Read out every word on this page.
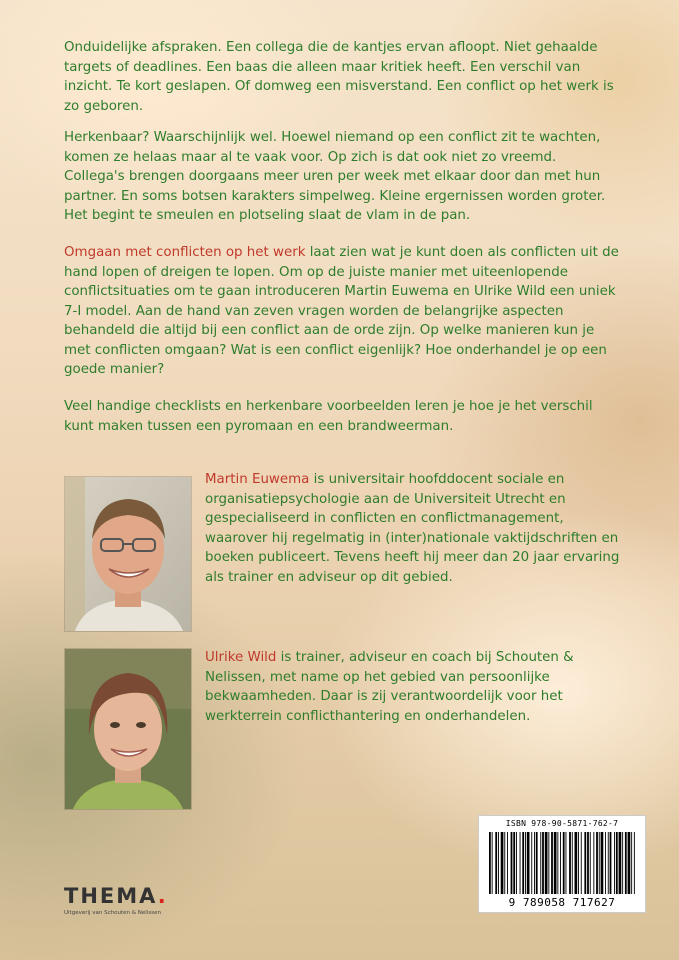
Onduidelijke afspraken. Een collega die de kantjes ervan afloopt. Niet gehaalde targets of deadlines. Een baas die alleen maar kritiek heeft. Een verschil van inzicht. Te kort geslapen. Of domweg een misverstand. Een conflict op het werk is zo geboren.

Herkenbaar? Waarschijnlijk wel. Hoewel niemand op een conflict zit te wachten, komen ze helaas maar al te vaak voor. Op zich is dat ook niet zo vreemd. Collega's brengen doorgaans meer uren per week met elkaar door dan met hun partner. En soms botsen karakters simpelweg. Kleine ergernissen worden groter. Het begint te smeulen en plotseling slaat de vlam in de pan.

Omgaan met conflicten op het werk laat zien wat je kunt doen als conflicten uit de hand lopen of dreigen te lopen. Om op de juiste manier met uiteenlopende conflictsituaties om te gaan introduceren Martin Euwema en Ulrike Wild een uniek 7-I model. Aan de hand van zeven vragen worden de belangrijke aspecten behandeld die altijd bij een conflict aan de orde zijn. Op welke manieren kun je met conflicten omgaan? Wat is een conflict eigenlijk? Hoe onderhandel je op een goede manier?

Veel handige checklists en herkenbare voorbeelden leren je hoe je het verschil kunt maken tussen een pyromaan en een brandweerman.

Martin Euwema is universitair hoofddocent sociale en organisatiepsychologie aan de Universiteit Utrecht en gespecialiseerd in conflicten en conflictmanagement, waarover hij regelmatig in (inter)nationale vaktijdschriften en boeken publiceert. Tevens heeft hij meer dan 20 jaar ervaring als trainer en adviseur op dit gebied.

Ulrike Wild is trainer, adviseur en coach bij Schouten & Nelissen, met name op het gebied van persoonlijke bekwaamheden. Daar is zij verantwoordelijk voor het werkterrein conflicthantering en onderhandelen.

ISBN 978-90-5871-762-7
9 789058 717627
THEMA.
Uitgeverij van Schouten & Nelissen
